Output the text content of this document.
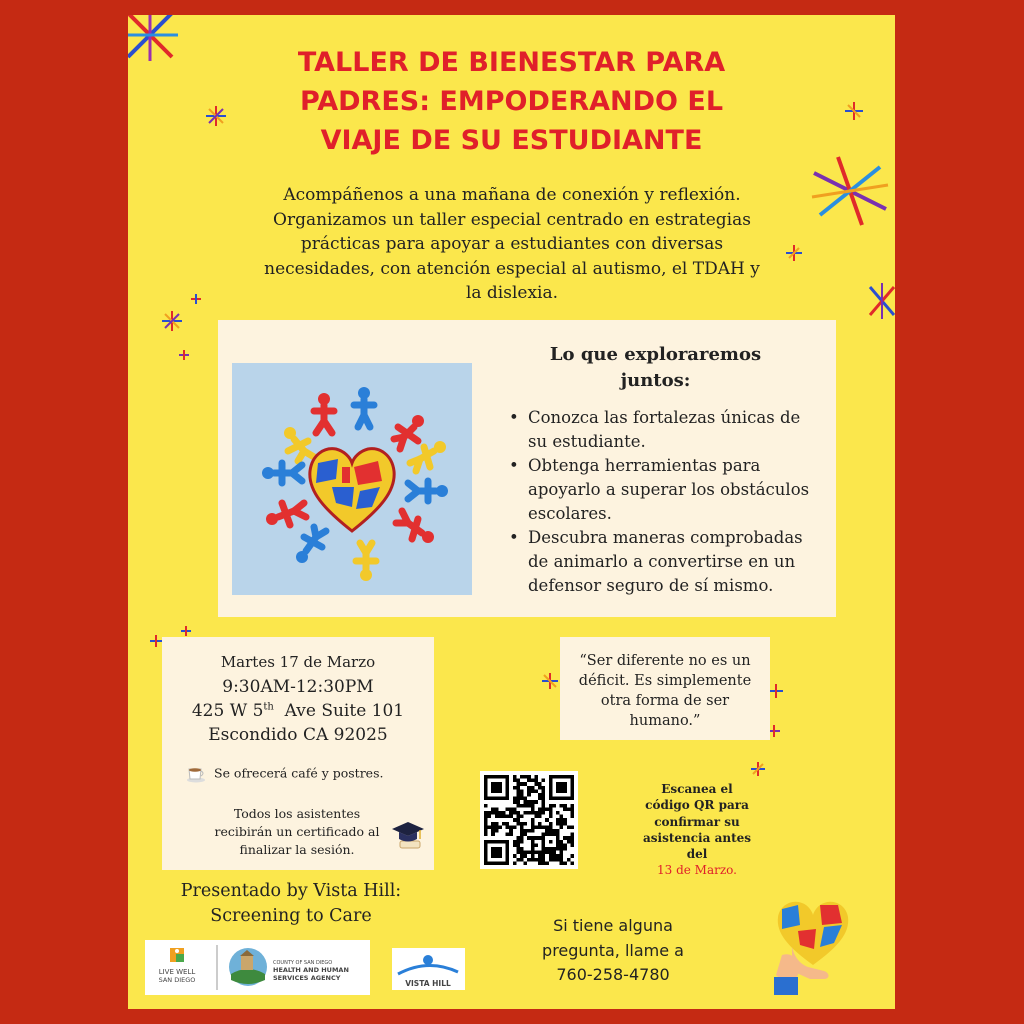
TALLER DE BIENESTAR PARA
PADRES: EMPODERANDO EL
VIAJE DE SU ESTUDIANTE
Acompáñenos a una mañana de conexión y reflexión.
Organizamos un taller especial centrado en estrategias
prácticas para apoyar a estudiantes con diversas
necesidades, con atención especial al autismo, el TDAH y
la dislexia.
Lo que exploraremos
juntos:
• Conozca las fortalezas únicas de
su estudiante.
• Obtenga herramientas para
apoyarlo a superar los obstáculos
escolares.
• Descubra maneras comprobadas
de animarlo a convertirse en un
defensor seguro de sí mismo.
Martes 17 de Marzo
9:30AM-12:30PM
425 W 5th  Ave Suite 101
Escondido CA 92025
Se ofrecerá café y postres.
Todos los asistentes
recibirán un certificado al
finalizar la sesión.
“Ser diferente no es un
déficit. Es simplemente
otra forma de ser
humano.”
Escanea el
código QR para
confirmar su
asistencia antes
del
13 de Marzo.
Presentado by Vista Hill:
Screening to Care	Si tiene alguna
pregunta, llame a
760-258-4780
LIVE WELL
SAN DIEGO
COUNTY OF SAN DIEGO
HEALTH AND HUMAN
SERVICES AGENCY
VISTA HILL
